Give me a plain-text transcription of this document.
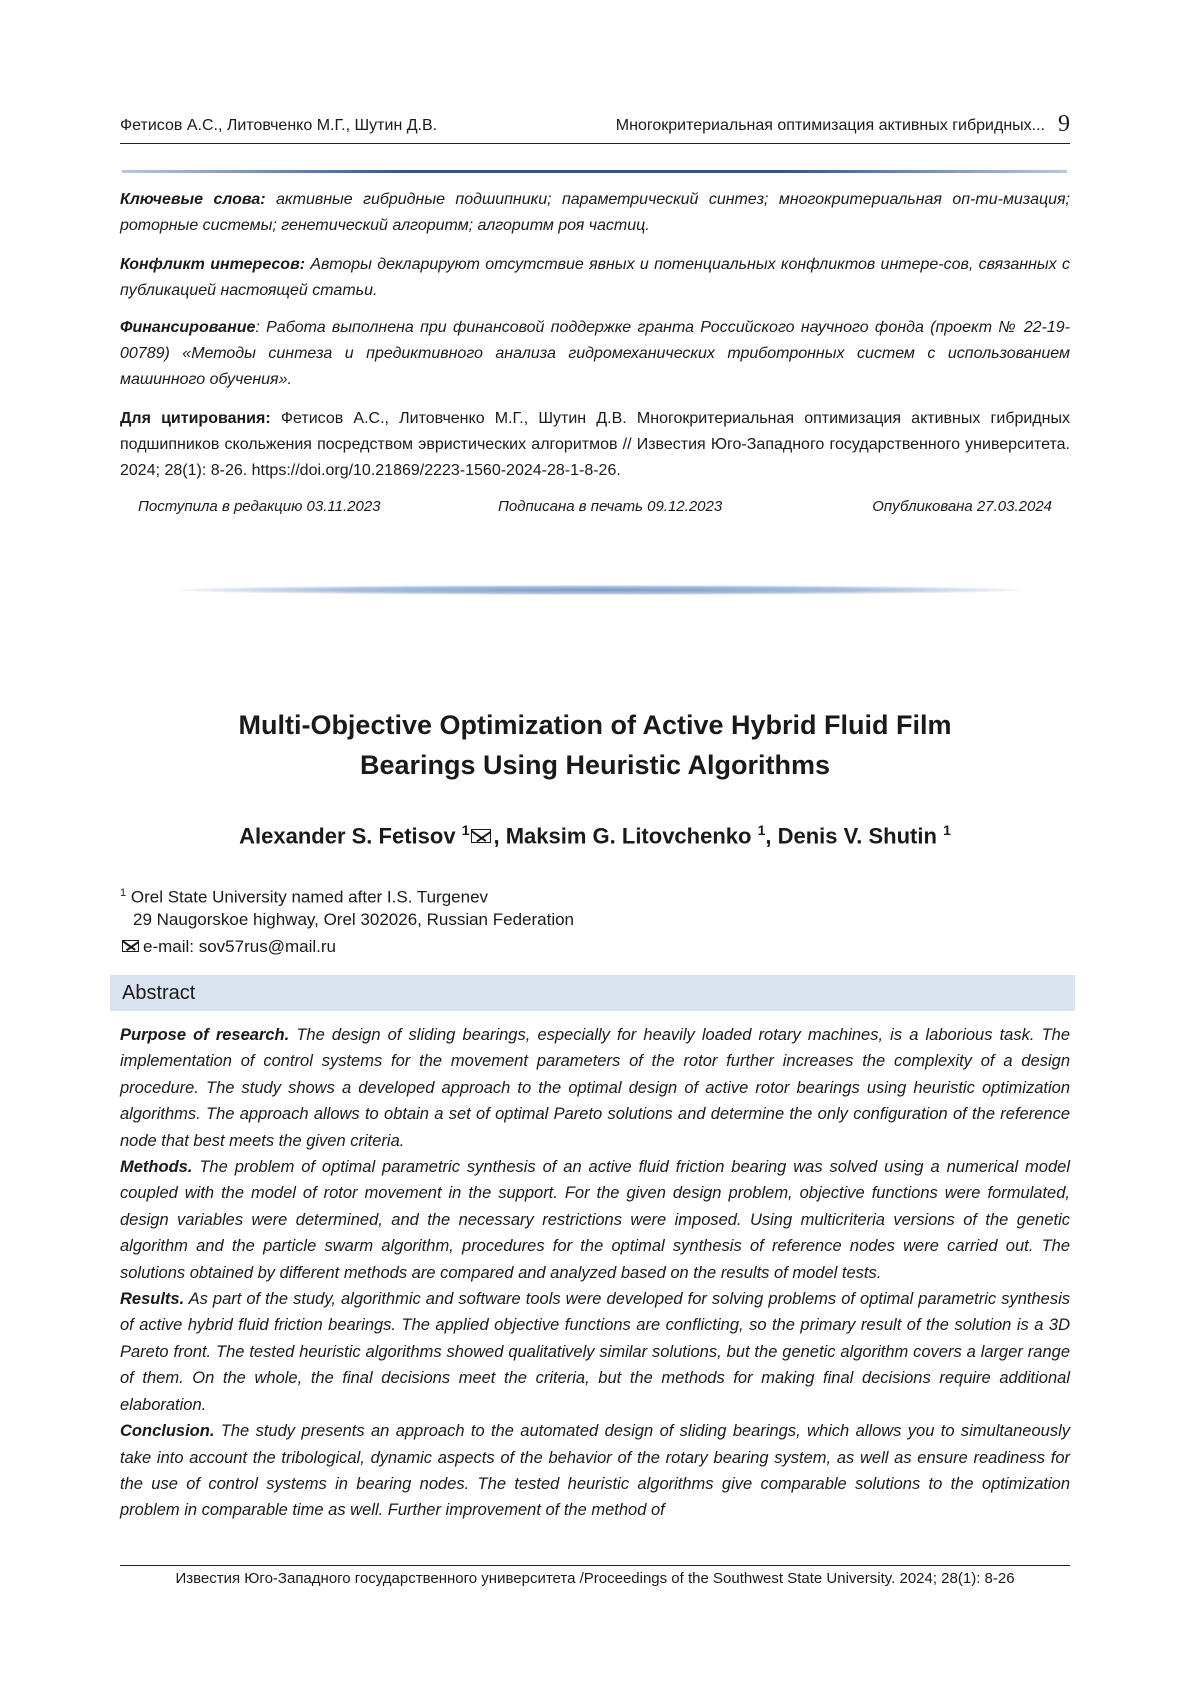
Фетисов А.С., Литовченко М.Г., Шутин Д.В.	Многокритериальная оптимизация активных гибридных... 9
Ключевые слова: активные гибридные подшипники; параметрический синтез; многокритериальная оп-ти-мизация; роторные системы; генетический алгоритм; алгоритм роя частиц.
Конфликт интересов: Авторы декларируют отсутствие явных и потенциальных конфликтов интере-сов, связанных с публикацией настоящей статьи.
Финансирование: Работа выполнена при финансовой поддержке гранта Российского научного фонда (проект № 22-19-00789) «Методы синтеза и предиктивного анализа гидромеханических триботронных систем с использованием машинного обучения».
Для цитирования: Фетисов А.С., Литовченко М.Г., Шутин Д.В. Многокритериальная оптимизация активных гибридных подшипников скольжения посредством эвристических алгоритмов // Известия Юго-Западного государственного университета. 2024; 28(1): 8-26. https://doi.org/10.21869/2223-1560-2024-28-1-8-26.
Поступила в редакцию 03.11.2023	Подписана в печать 09.12.2023	Опубликована 27.03.2024
Multi-Objective Optimization of Active Hybrid Fluid Film
Bearings Using Heuristic Algorithms
Alexander S. Fetisov $^1$ , Maksim G. Litovchenko $^1$, Denis V. Shutin $^1$
$^1$ Orel State University named after I.S. Turgenev
29 Naugorskoe highway, Orel 302026, Russian Federation
e-mail: sov57rus@mail.ru
Abstract

Purpose of research. The design of sliding bearings, especially for heavily loaded rotary machines, is a laborious task. The implementation of control systems for the movement parameters of the rotor further increases the complexity of a design procedure. The study shows a developed approach to the optimal design of active rotor bearings using heuristic optimization algorithms. The approach allows to obtain a set of optimal Pareto solutions and determine the only configuration of the reference node that best meets the given criteria.

Methods. The problem of optimal parametric synthesis of an active fluid friction bearing was solved using a numerical model coupled with the model of rotor movement in the support. For the given design problem, objective functions were formulated, design variables were determined, and the necessary restrictions were imposed. Using multicriteria versions of the genetic algorithm and the particle swarm algorithm, procedures for the optimal synthesis of reference nodes were carried out. The solutions obtained by different methods are compared and analyzed based on the results of model tests.

Results. As part of the study, algorithmic and software tools were developed for solving problems of optimal parametric synthesis of active hybrid fluid friction bearings. The applied objective functions are conflicting, so the primary result of the solution is a 3D Pareto front. The tested heuristic algorithms showed qualitatively similar solutions, but the genetic algorithm covers a larger range of them. On the whole, the final decisions meet the criteria, but the methods for making final decisions require additional elaboration.

Conclusion. The study presents an approach to the automated design of sliding bearings, which allows you to simultaneously take into account the tribological, dynamic aspects of the behavior of the rotary bearing system, as well as ensure readiness for the use of control systems in bearing nodes. The tested heuristic algorithms give comparable solutions to the optimization problem in comparable time as well. Further improvement of the method of

Известия Юго-Западного государственного университета /Proceedings of the Southwest State University. 2024; 28(1): 8-26
